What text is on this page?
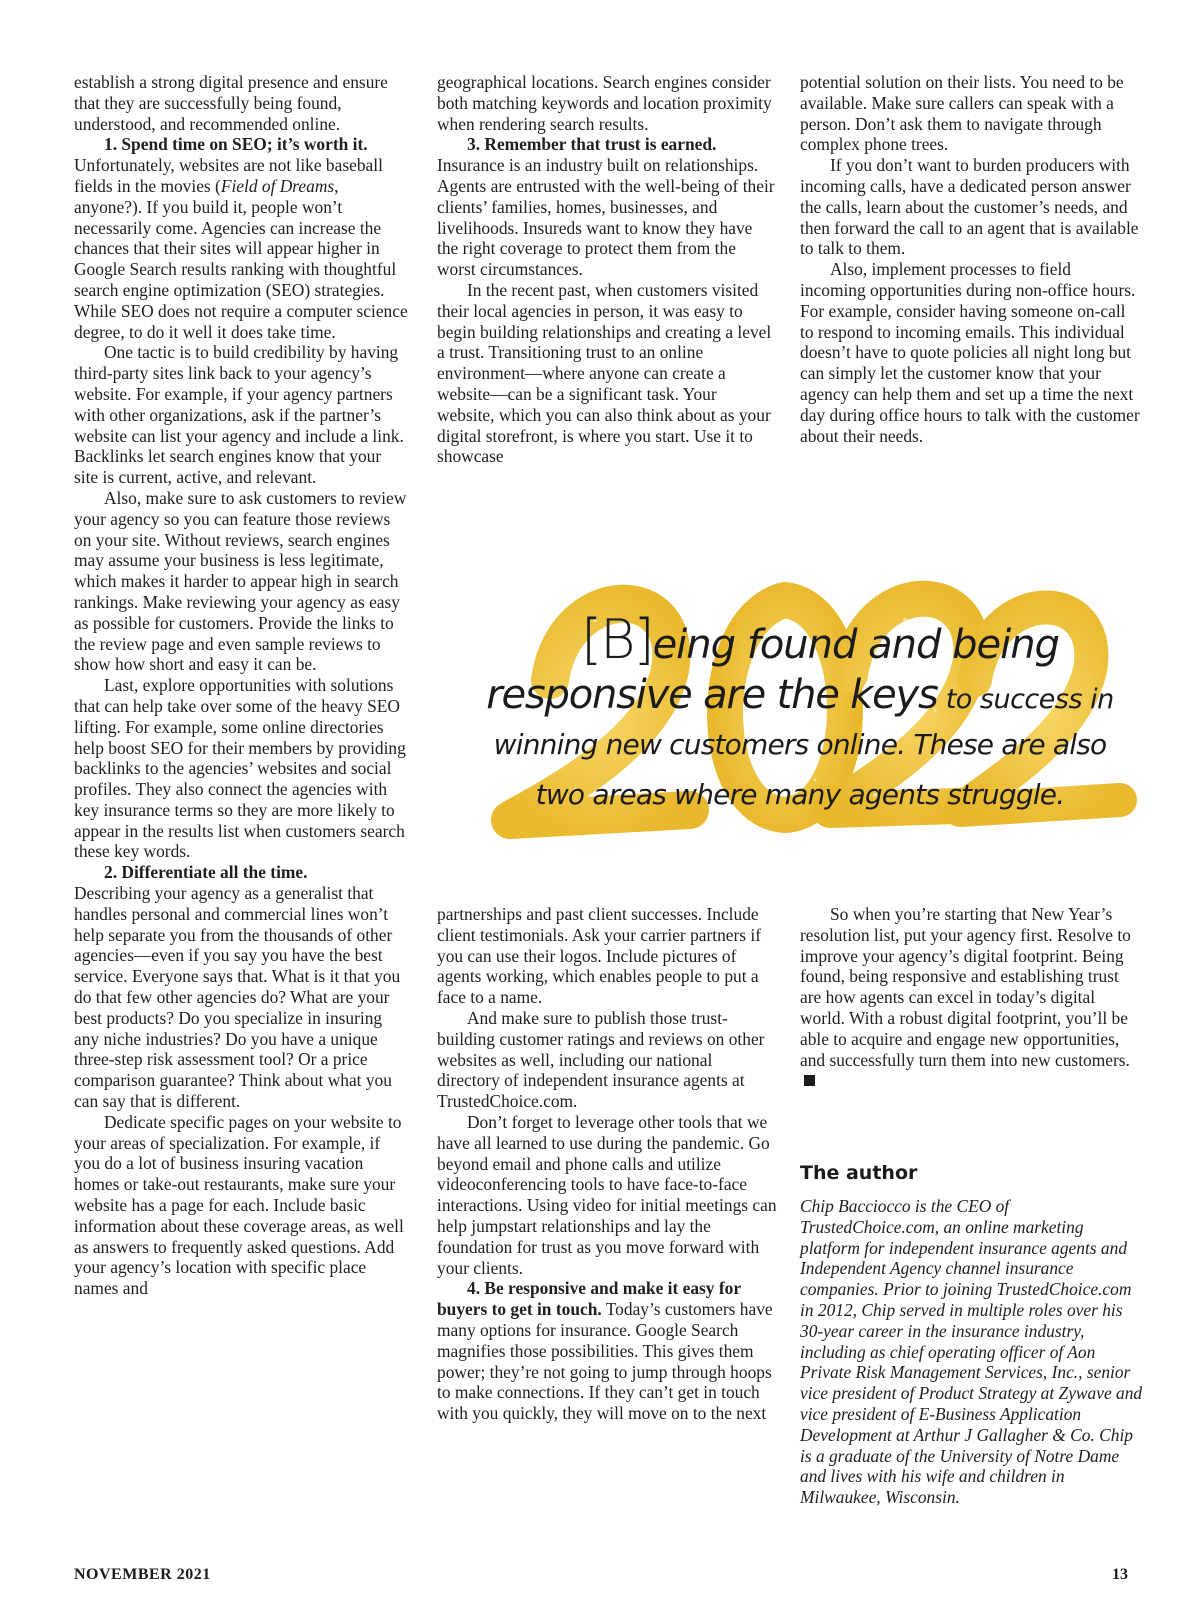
establish a strong digital presence and ensure that they are successfully being found, understood, and recommended online.

1. Spend time on SEO; it’s worth it. Unfortunately, websites are not like baseball fields in the movies (Field of Dreams, anyone?). If you build it, people won’t necessarily come. Agencies can increase the chances that their sites will appear higher in Google Search results ranking with thoughtful search engine optimization (SEO) strategies. While SEO does not require a computer science degree, to do it well it does take time.

One tactic is to build credibility by having third-party sites link back to your agency’s website. For example, if your agency partners with other organizations, ask if the partner’s website can list your agency and include a link. Backlinks let search engines know that your site is current, active, and relevant.

Also, make sure to ask customers to review your agency so you can feature those reviews on your site. Without reviews, search engines may assume your business is less legitimate, which makes it harder to appear high in search rankings. Make reviewing your agency as easy as possible for customers. Provide the links to the review page and even sample reviews to show how short and easy it can be.

Last, explore opportunities with solutions that can help take over some of the heavy SEO lifting. For example, some online directories help boost SEO for their members by providing backlinks to the agencies’ websites and social profiles. They also connect the agencies with key insurance terms so they are more likely to appear in the results list when customers search these key words.

2. Differentiate all the time.

Describing your agency as a generalist that handles personal and commercial lines won’t help separate you from the thousands of other agencies—even if you say you have the best service. Everyone says that. What is it that you do that few other agencies do? What are your best products? Do you specialize in insuring any niche industries? Do you have a unique three-step risk assessment tool? Or a price comparison guarantee? Think about what you can say that is different.

Dedicate specific pages on your website to your areas of specialization. For example, if you do a lot of business insuring vacation homes or take-out restaurants, make sure your website has a page for each. Include basic information about these coverage areas, as well as answers to frequently asked questions. Add your agency’s location with specific place names and

geographical locations. Search engines consider both matching keywords and location proximity when rendering search results.

3. Remember that trust is earned. Insurance is an industry built on relationships. Agents are entrusted with the well-being of their clients’ families, homes, businesses, and livelihoods. Insureds want to know they have the right coverage to protect them from the worst circumstances.

In the recent past, when customers visited their local agencies in person, it was easy to begin building relationships and creating a level a trust. Transitioning trust to an online environment—where anyone can create a website—can be a significant task. Your website, which you can also think about as your digital storefront, is where you start. Use it to showcase

potential solution on their lists. You need to be available. Make sure callers can speak with a person. Don’t ask them to navigate through complex phone trees.

If you don’t want to burden producers with incoming calls, have a dedicated person answer the calls, learn about the customer’s needs, and then forward the call to an agent that is available to talk to them.

Also, implement processes to field incoming opportunities during non-office hours. For example, consider having someone on-call to respond to incoming emails. This individual doesn’t have to quote policies all night long but can simply let the customer know that your agency can help them and set up a time the next day during office hours to talk with the customer about their needs.

[B]eing found and being
responsive are the keys to success in
winning new customers online. These are also
two areas where many agents struggle.

partnerships and past client successes. Include client testimonials. Ask your carrier partners if you can use their logos. Include pictures of agents working, which enables people to put a face to a name.

And make sure to publish those trust-building customer ratings and reviews on other websites as well, including our national directory of independent insurance agents at TrustedChoice.com.

Don’t forget to leverage other tools that we have all learned to use during the pandemic. Go beyond email and phone calls and utilize videoconferencing tools to have face-to-face interactions. Using video for initial meetings can help jumpstart relationships and lay the foundation for trust as you move forward with your clients.

4. Be responsive and make it easy for buyers to get in touch. Today’s customers have many options for insurance. Google Search magnifies those possibilities. This gives them power; they’re not going to jump through hoops to make connections. If they can’t get in touch with you quickly, they will move on to the next

So when you’re starting that New Year’s resolution list, put your agency first. Resolve to improve your agency’s digital footprint. Being found, being responsive and establishing trust are how agents can excel in today’s digital world. With a robust digital footprint, you’ll be able to acquire and engage new opportunities, and successfully turn them into new customers.

The author
Chip Bacciocco is the CEO of TrustedChoice.com, an online marketing platform for independent insurance agents and Independent Agency channel insurance companies. Prior to joining TrustedChoice.com in 2012, Chip served in multiple roles over his 30-year career in the insurance industry, including as chief operating officer of Aon Private Risk Management Services, Inc., senior vice president of Product Strategy at Zywave and vice president of E-Business Application Development at Arthur J Gallagher & Co. Chip is a graduate of the University of Notre Dame and lives with his wife and children in Milwaukee, Wisconsin.
NOVEMBER 2021	13
